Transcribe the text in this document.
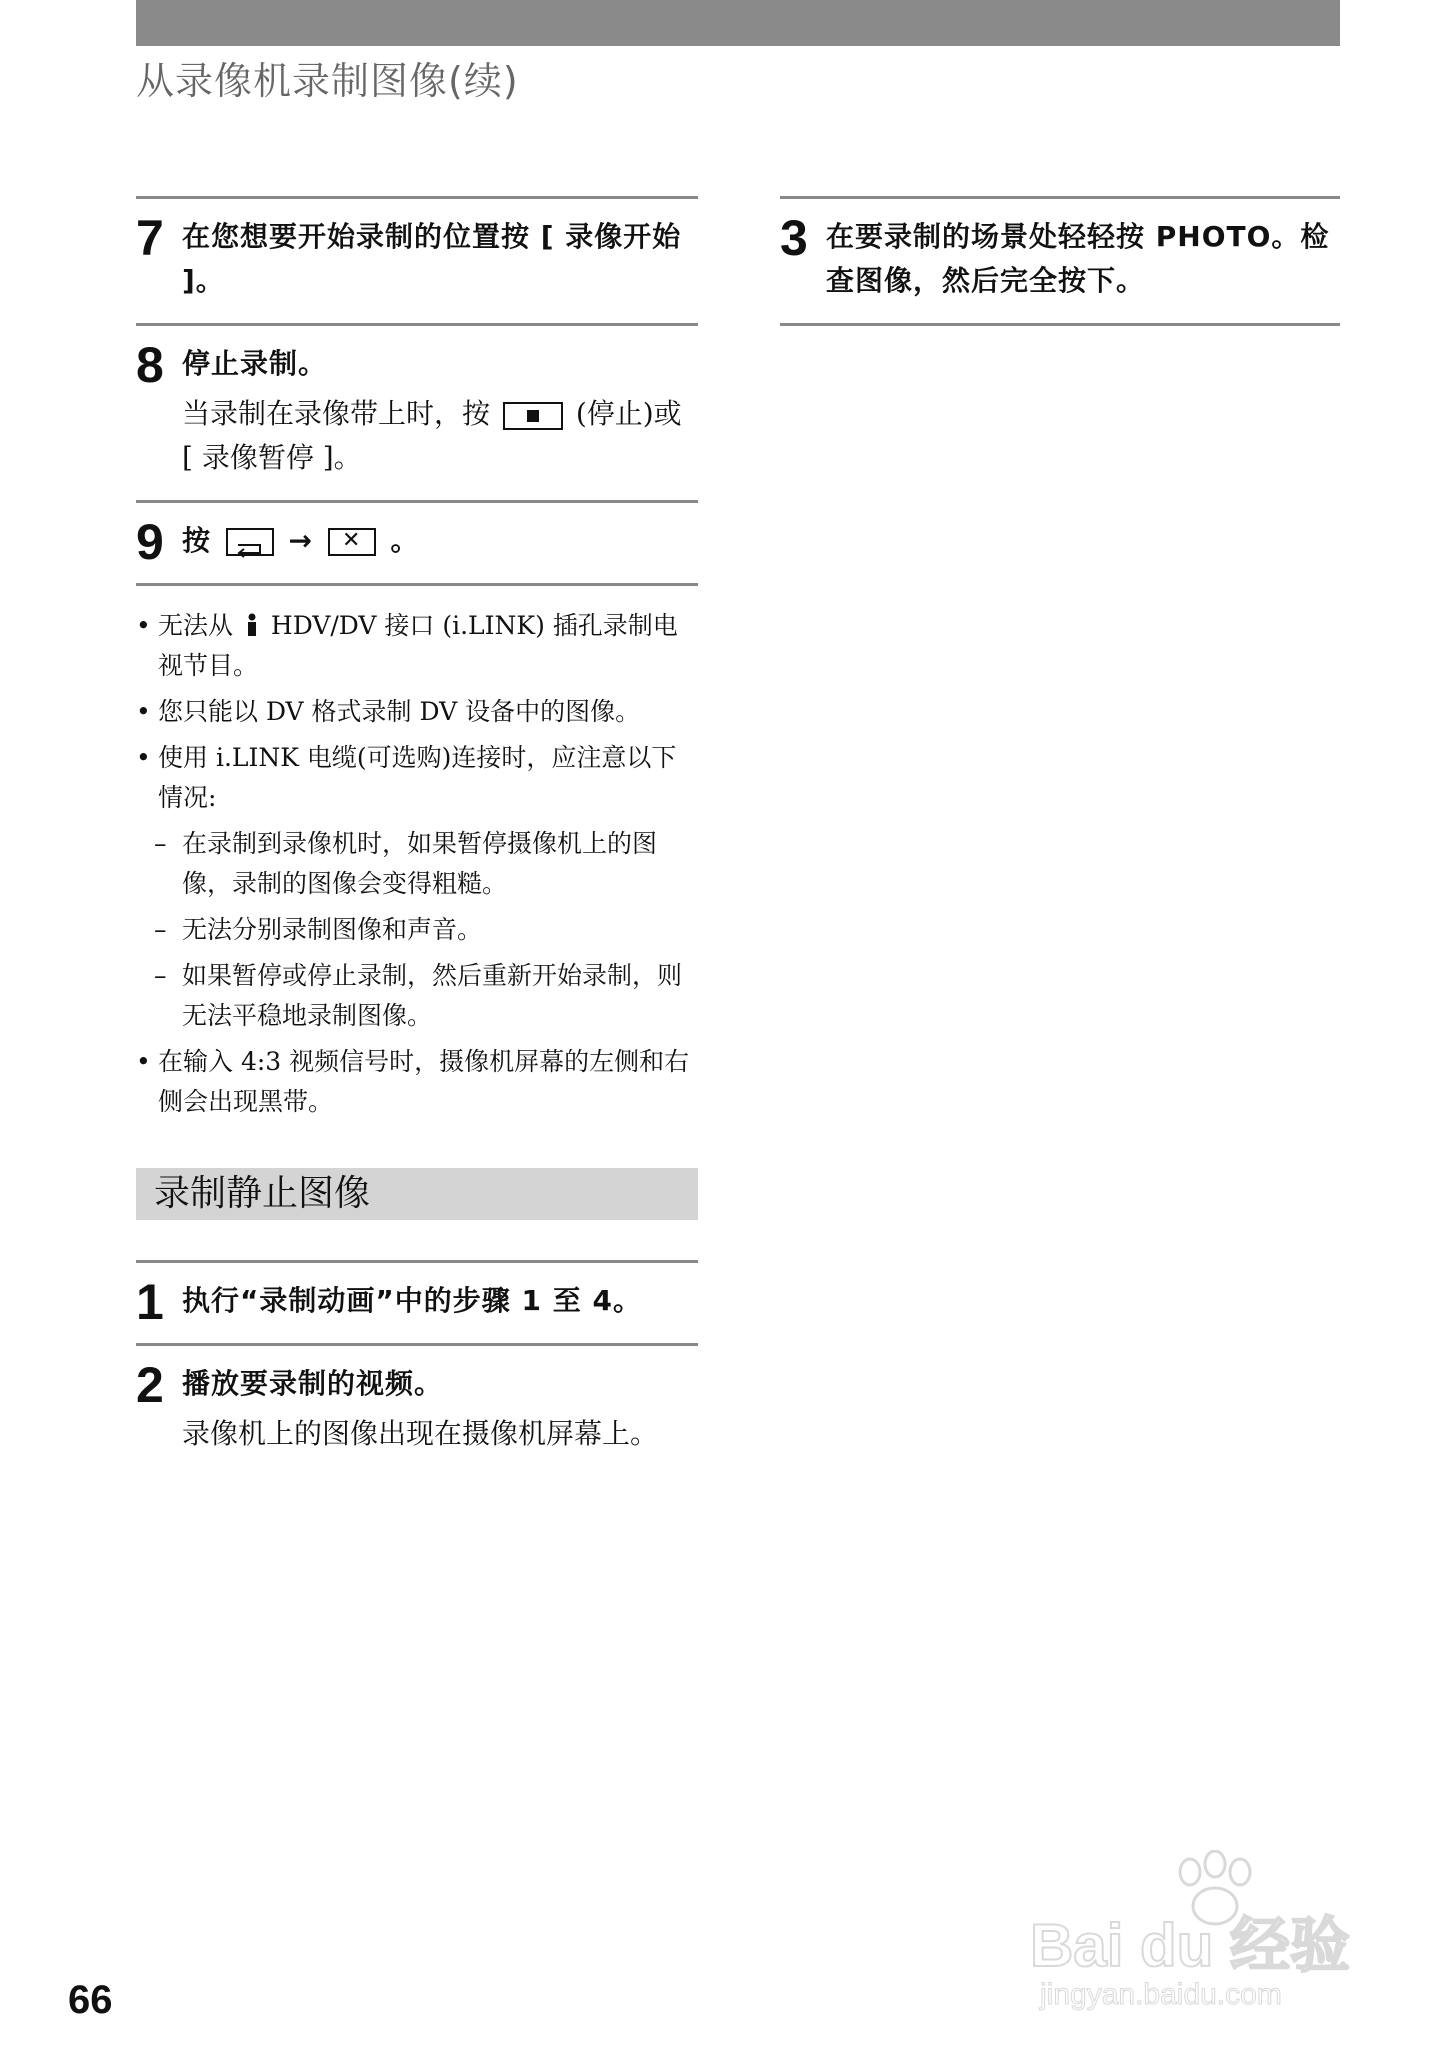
从录像机录制图像(续)
7 在您想要开始录制的位置按 [ 录像开始 ]。
8 停止录制。
当录制在录像带上时，按	(停止)或 [ 录像暂停 ]。
9 按	→ ✕ 。
• 无法从 HDV/DV 接口 (i.LINK) 插孔录制电视节目。
• 您只能以 DV 格式录制 DV 设备中的图像。
• 使用 i.LINK 电缆(可选购)连接时，应注意以下情况:
– 在录制到录像机时，如果暂停摄像机上的图像，录制的图像会变得粗糙。
– 无法分别录制图像和声音。
– 如果暂停或停止录制，然后重新开始录制，则无法平稳地录制图像。
• 在输入 4:3 视频信号时，摄像机屏幕的左侧和右侧会出现黑带。
录制静止图像
1 执行“录制动画”中的步骤 1 至 4。
2 播放要录制的视频。
录像机上的图像出现在摄像机屏幕上。
3 在要录制的场景处轻轻按 PHOTO。检查图像，然后完全按下。
66
Bai du 经验
jingyan.baidu.com
